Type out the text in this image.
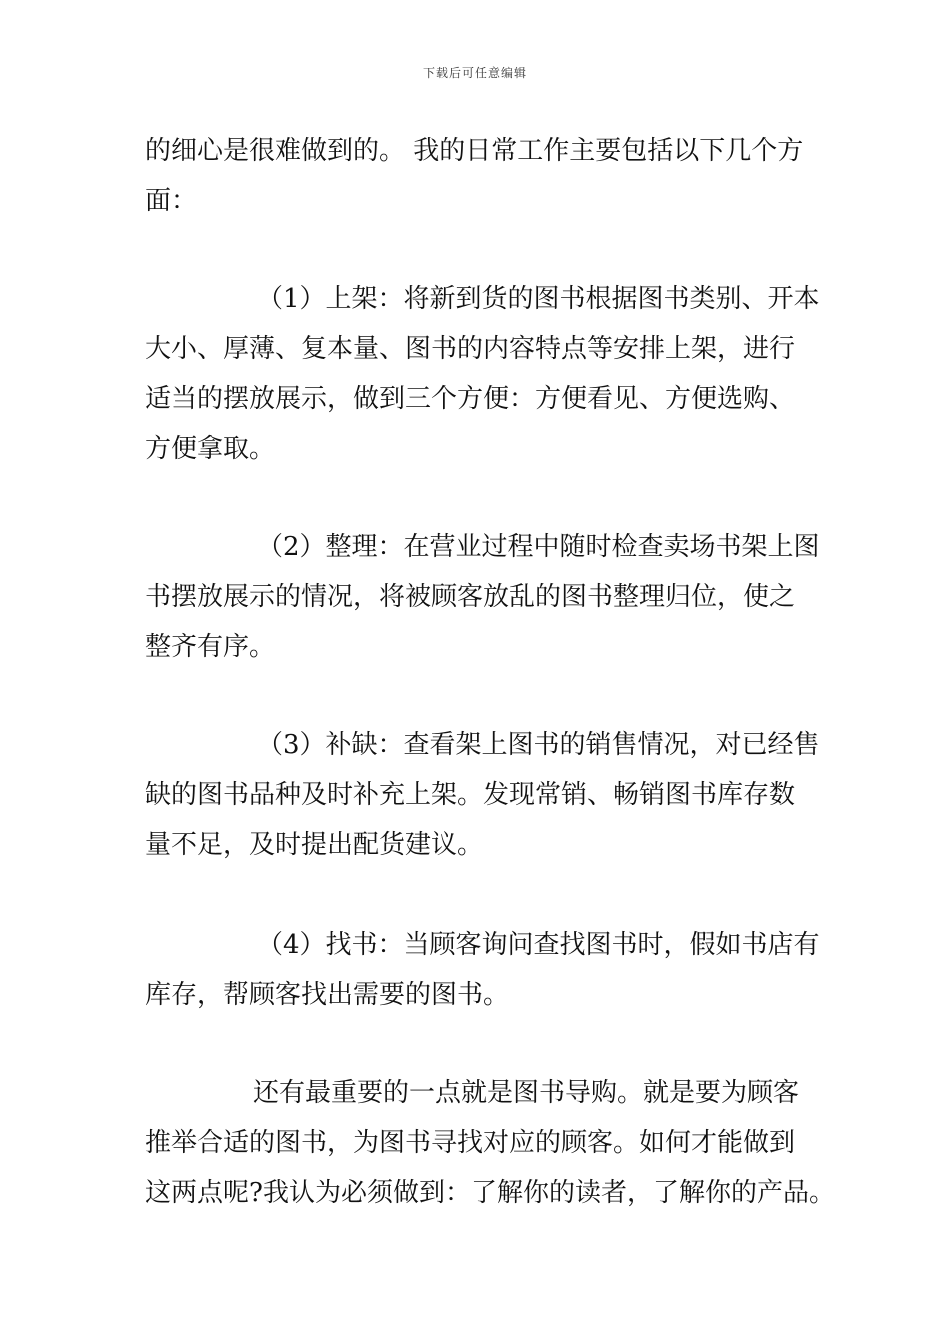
下载后可任意编辑
的细心是很难做到的。 我的日常工作主要包括以下几个方
面：
（1）上架：将新到货的图书根据图书类别、开本
大小、厚薄、复本量、图书的内容特点等安排上架，进行
适当的摆放展示，做到三个方便：方便看见、方便选购、
方便拿取。
（2）整理：在营业过程中随时检查卖场书架上图
书摆放展示的情况，将被顾客放乱的图书整理归位，使之
整齐有序。
（3）补缺：查看架上图书的销售情况，对已经售
缺的图书品种及时补充上架。发现常销、畅销图书库存数
量不足，及时提出配货建议。
（4）找书：当顾客询问查找图书时，假如书店有
库存，帮顾客找出需要的图书。
还有最重要的一点就是图书导购。就是要为顾客
推举合适的图书，为图书寻找对应的顾客。如何才能做到
这两点呢?我认为必须做到：了解你的读者，了解你的产品。
